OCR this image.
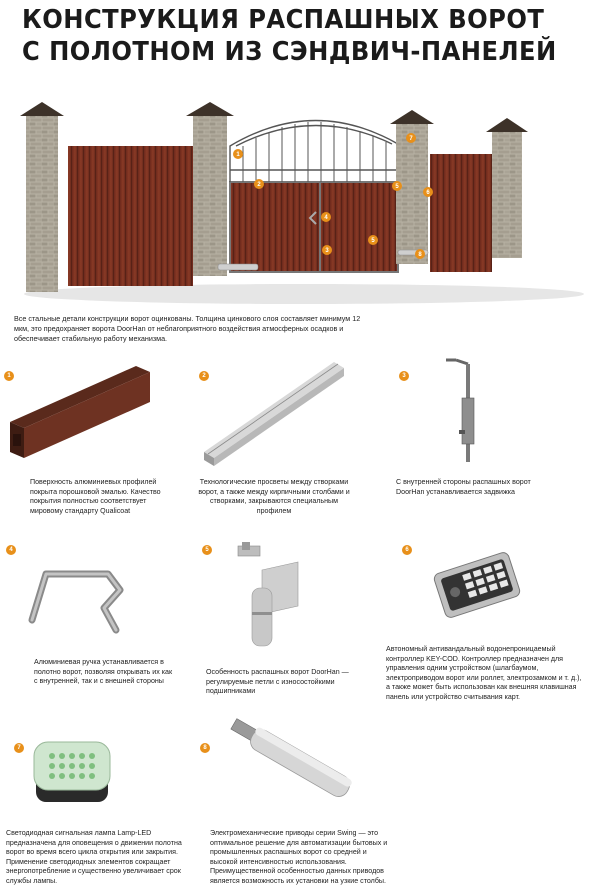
КОНСТРУКЦИЯ РАСПАШНЫХ ВОРОТ
С ПОЛОТНОМ ИЗ СЭНДВИЧ-ПАНЕЛЕЙ
1
2
3
4
5
5
6
7
8
Все стальные детали конструкции ворот оцинкованы. Толщина цинкового слоя составляет минимум 12 мкм, это предохраняет ворота DoorHan от неблагоприятного воздействия атмосферных осадков и обеспечивает стабильную работу механизма.
1
Поверхность алюминиевых профилей покрыта порошковой эмалью. Качество покрытия полностью соответствует мировому стандарту Qualicoat
2
Технологические просветы между створками ворот, а также между кирпичными столбами и створками, закрываются специальным профилем
3
С внутренней стороны распашных ворот DoorHan устанавливается задвижка
4
Алюминиевая ручка устанавливается в полотно ворот, позволяя открывать их как с внутренней, так и с внешней стороны
5
Особенность распашных ворот DoorHan — регулируемые петли с износостойкими подшипниками
6
Автономный антивандальный водонепроницаемый контроллер KEY-COD. Контроллер предназначен для управления одним устройством (шлагбаумом, электроприводом ворот или роллет, электрозамком и т. д.), а также может быть использован как внешняя клавишная панель или устройство считывания карт.
7
Светодиодная сигнальная лампа Lamp-LED предназначена для оповещения о движении полотна ворот во время всего цикла открытия или закрытия. Применение светодиодных элементов сокращает энергопотребление и существенно увеличивает срок службы лампы.
8
Электромеханические приводы серии Swing — это оптимальное решение для автоматизации бытовых и промышленных распашных ворот со средней и высокой интенсивностью использования. Преимущественной особенностью данных приводов является возможность их установки на узкие столбы.
